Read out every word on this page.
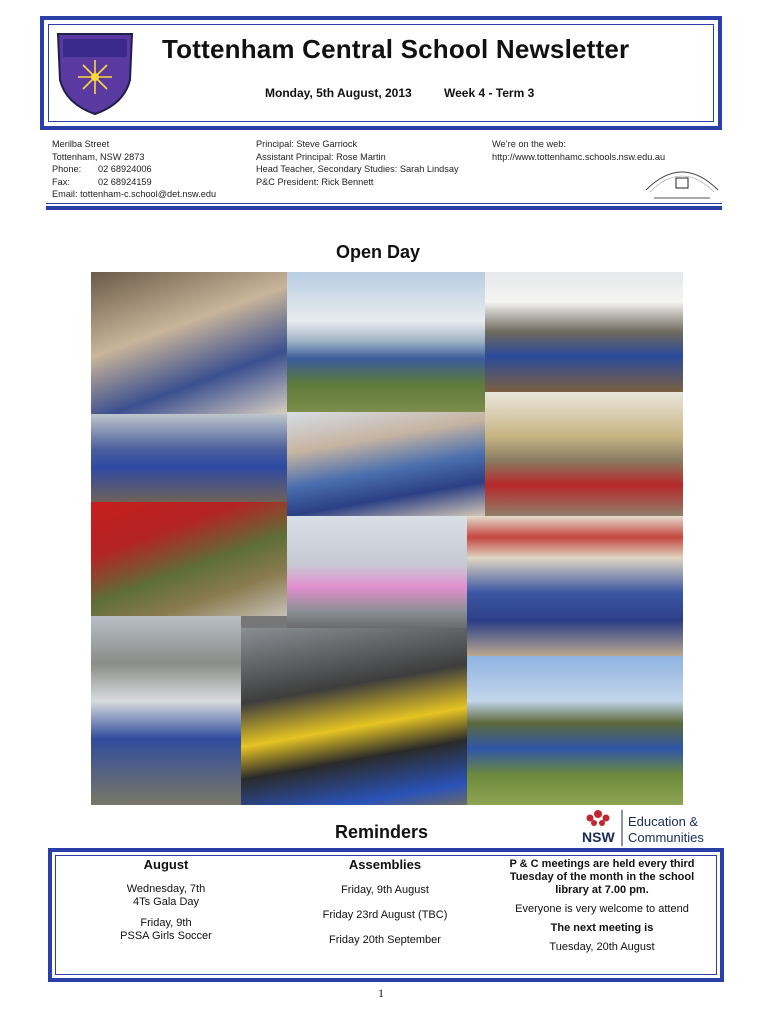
Tottenham Central School Newsletter
Monday, 5th August, 2013	Week 4 - Term 3
Merilba Street
Tottenham, NSW 2873
Phone: 02 68924006
Fax:	02 68924159
Email: tottenham-c.school@det.nsw.edu
Principal: Steve Garriock
Assistant Principal: Rose Martin
Head Teacher, Secondary Studies: Sarah Lindsay
P&C President: Rick Bennett
We’re on the web:
http://www.tottenhamc.schools.nsw.edu.au
Open Day
Reminders	NSW
Education &
Communities
August
Wednesday, 7th
4Ts Gala Day
Friday, 9th
PSSA Girls Soccer
Assemblies
Friday, 9th August
Friday 23rd August (TBC)
Friday 20th September
P & C meetings are held every third
Tuesday of the month in the school
library at 7.00 pm.
Everyone is very welcome to attend
The next meeting is
Tuesday, 20th August
1
